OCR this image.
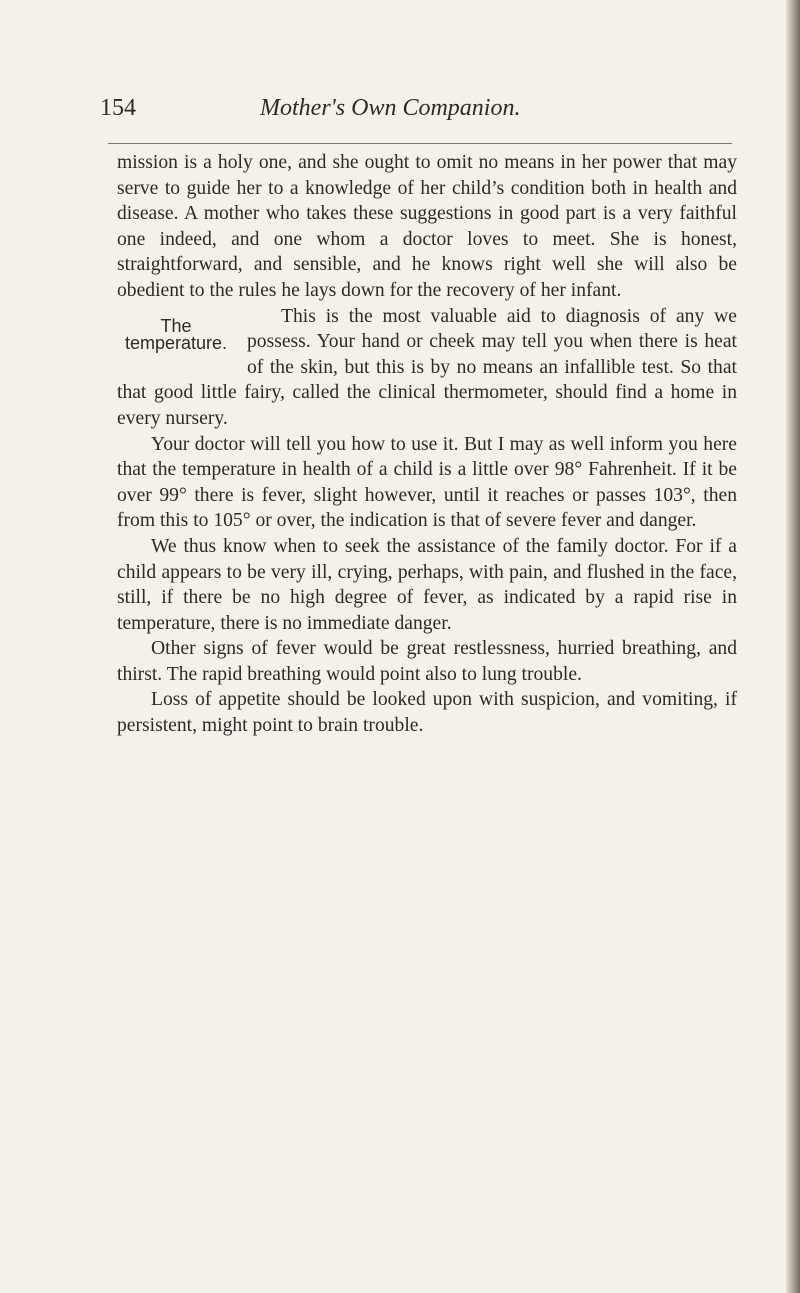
154	Mother's Own Companion.

mission is a holy one, and she ought to omit no means in her power that may serve to guide her to a knowledge of her child’s condition both in health and disease. A mother who takes these suggestions in good part is a very faithful one indeed, and one whom a doctor loves to meet. She is honest, straightforward, and sensible, and he knows right well she will also be obedient to the rules he lays down for the recovery of her infant.

The
temperature.

This is the most valuable aid to diagnosis of any we possess. Your hand or cheek may tell you when there is heat of the skin, but this is by no means an infallible test. So that that good little fairy, called the clinical thermometer, should find a home in every nursery.

Your doctor will tell you how to use it. But I may as well inform you here that the temperature in health of a child is a little over 98° Fahrenheit. If it be over 99° there is fever, slight however, until it reaches or passes 103°, then from this to 105° or over, the indication is that of severe fever and danger.

We thus know when to seek the assistance of the family doctor. For if a child appears to be very ill, crying, perhaps, with pain, and flushed in the face, still, if there be no high degree of fever, as indicated by a rapid rise in temperature, there is no immediate danger.

Other signs of fever would be great restlessness, hurried breathing, and thirst. The rapid breathing would point also to lung trouble.

Loss of appetite should be looked upon with suspicion, and vomiting, if persistent, might point to brain trouble.
